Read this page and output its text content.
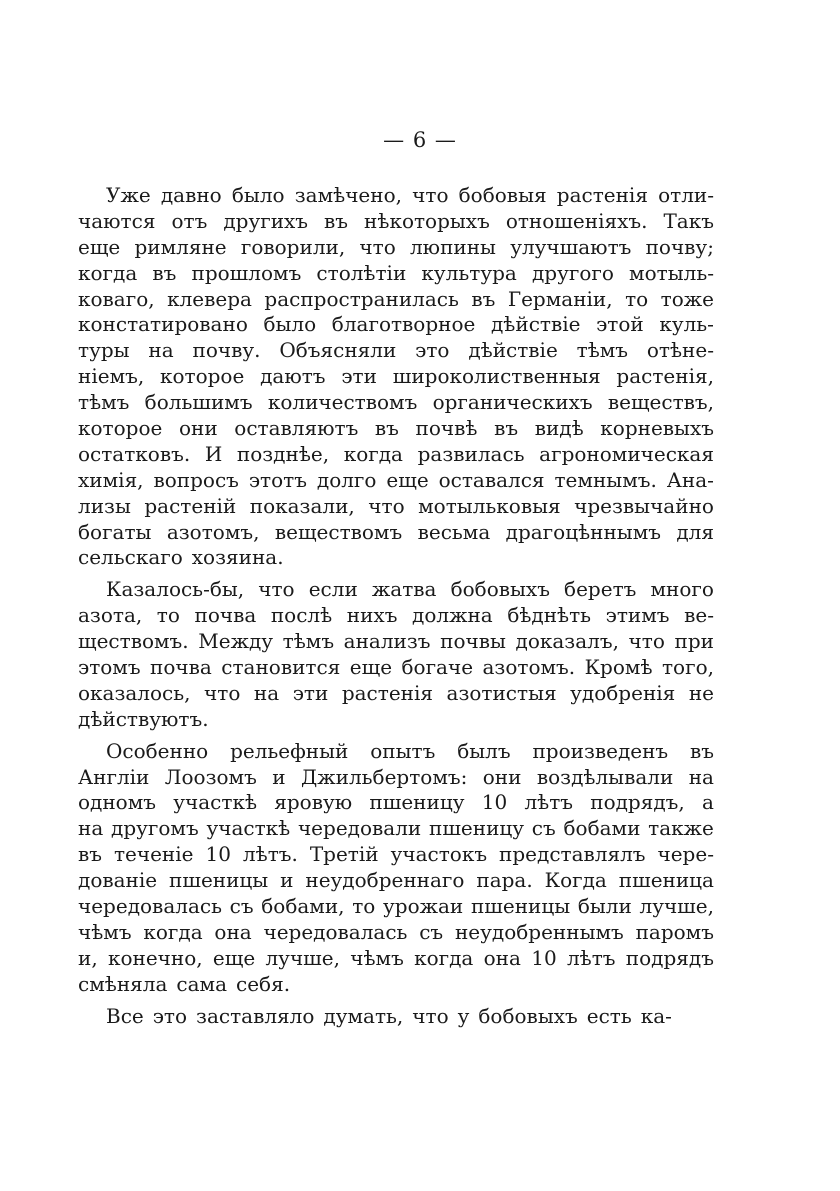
— 6 —
Уже давно было замѣчено, что бобовыя растенія отли-
чаются отъ другихъ въ нѣкоторыхъ отношеніяхъ. Такъ
еще римляне говорили, что люпины улучшаютъ почву;
когда въ прошломъ столѣтіи культура другого мотыль-
коваго, клевера распространилась въ Германіи, то тоже
констатировано было благотворное дѣйствіе этой куль-
туры на почву. Объясняли это дѣйствіе тѣмъ отѣне-
ніемъ, которое даютъ эти широколиственныя растенія,
тѣмъ большимъ количествомъ органическихъ веществъ,
которое они оставляютъ въ почвѣ въ видѣ корневыхъ
остатковъ. И позднѣе, когда развилась агрономическая
химія, вопросъ этотъ долго еще оставался темнымъ. Ана-
лизы растеній показали, что мотыльковыя чрезвычайно
богаты азотомъ, веществомъ весьма драгоцѣннымъ для
сельскаго хозяина.
Казалось-бы, что если жатва бобовыхъ беретъ много
азота, то почва послѣ нихъ должна бѣднѣть этимъ ве-
ществомъ. Между тѣмъ анализъ почвы доказалъ, что при
этомъ почва становится еще богаче азотомъ. Кромѣ того,
оказалось, что на эти растенія азотистыя удобренія не
дѣйствуютъ.
Особенно рельефный опытъ былъ произведенъ въ
Англіи Лоозомъ и Джильбертомъ: они воздѣлывали на
одномъ участкѣ яровую пшеницу 10 лѣтъ подрядъ, а
на другомъ участкѣ чередовали пшеницу съ бобами также
въ теченіе 10 лѣтъ. Третій участокъ представлялъ чере-
дованіе пшеницы и неудобреннаго пара. Когда пшеница
чередовалась съ бобами, то урожаи пшеницы были лучше,
чѣмъ когда она чередовалась съ неудобреннымъ паромъ
и, конечно, еще лучше, чѣмъ когда она 10 лѣтъ подрядъ
смѣняла сама себя.
Все это заставляло думать, что у бобовыхъ есть ка-
